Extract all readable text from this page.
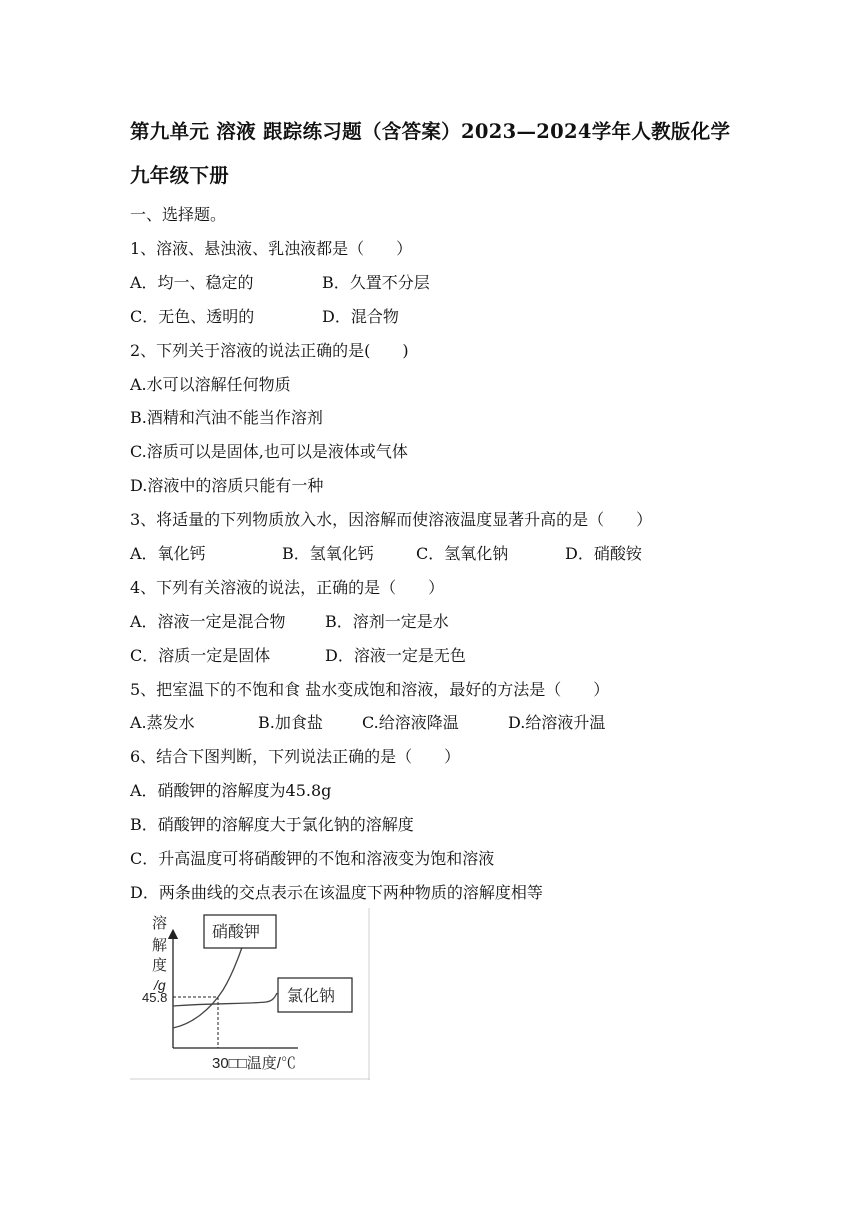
第九单元 溶液 跟踪练习题（含答案）2023—2024学年人教版化学
九年级下册
一、选择题。
1、溶液、悬浊液、乳浊液都是（　　）
A．均一、稳定的	B．久置不分层
C．无色、透明的	D．混合物
2、下列关于溶液的说法正确的是(　　)
A.水可以溶解任何物质
B.酒精和汽油不能当作溶剂
C.溶质可以是固体,也可以是液体或气体
D.溶液中的溶质只能有一种
3、将适量的下列物质放入水，因溶解而使溶液温度显著升高的是（　　）
A．氧化钙	B．氢氧化钙	C．氢氧化钠	D．硝酸铵
4、下列有关溶液的说法，正确的是（　　）
A．溶液一定是混合物 B．溶剂一定是水
C．溶质一定是固体	D．溶液一定是无色
5、把室温下的不饱和食 盐水变成饱和溶液，最好的方法是（　　）
A.蒸发水	B.加食盐 C.给溶液降温	D.给溶液升温
6、结合下图判断，下列说法正确的是（　　）
A．硝酸钾的溶解度为45.8g
B．硝酸钾的溶解度大于氯化钠的溶解度
C．升高温度可将硝酸钾的不饱和溶液变为饱和溶液
D．两条曲线的交点表示在该温度下两种物质的溶解度相等
溶
解
度
/g
45.8
硝酸钾
氯化钠
30□□温度/℃
